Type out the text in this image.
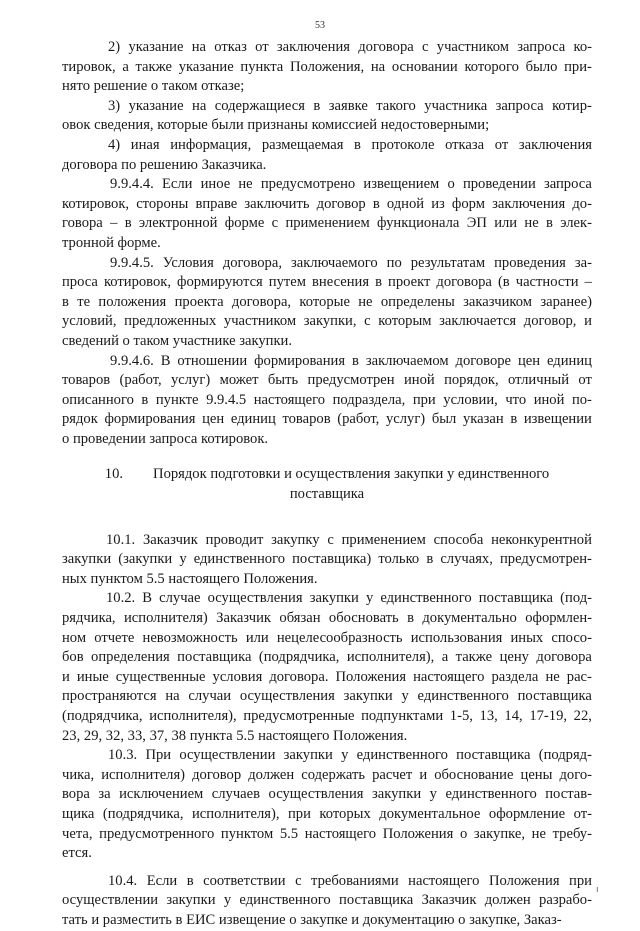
53
2) указание на отказ от заключения договора с участником запроса ко-
тировок, а также указание пункта Положения, на основании которого было при-
нято решение о таком отказе;
3) указание на содержащиеся в заявке такого участника запроса котир-
овок сведения, которые были признаны комиссией недостоверными;
4) иная информация, размещаемая в протоколе отказа от заключения
договора по решению Заказчика.
9.9.4.4. Если иное не предусмотрено извещением о проведении запроса
котировок, стороны вправе заключить договор в одной из форм заключения до-
говора – в электронной форме с применением функционала ЭП или не в элек-
тронной форме.
9.9.4.5. Условия договора, заключаемого по результатам проведения за-
проса котировок, формируются путем внесения в проект договора (в частности –
в те положения проекта договора, которые не определены заказчиком заранее)
условий, предложенных участником закупки, с которым заключается договор, и
сведений о таком участнике закупки.
9.9.4.6. В отношении формирования в заключаемом договоре цен единиц
товаров (работ, услуг) может быть предусмотрен иной порядок, отличный от
описанного в пункте 9.9.4.5 настоящего подраздела, при условии, что иной по-
рядок формирования цен единиц товаров (работ, услуг) был указан в извещении
о проведении запроса котировок.
10. Порядок подготовки и осуществления закупки у единственного
поставщика
10.1. Заказчик проводит закупку с применением способа неконкурентной
закупки (закупки у единственного поставщика) только в случаях, предусмотрен-
ных пунктом 5.5 настоящего Положения.
10.2. В случае осуществления закупки у единственного поставщика (под-
рядчика, исполнителя) Заказчик обязан обосновать в документально оформлен-
ном отчете невозможность или нецелесообразность использования иных спосо-
бов определения поставщика (подрядчика, исполнителя), а также цену договора
и иные существенные условия договора. Положения настоящего раздела не рас-
пространяются на случаи осуществления закупки у единственного поставщика
(подрядчика, исполнителя), предусмотренные подпунктами 1-5, 13, 14, 17-19, 22,
23, 29, 32, 33, 37, 38 пункта 5.5 настоящего Положения.
10.3. При осуществлении закупки у единственного поставщика (подряд-
чика, исполнителя) договор должен содержать расчет и обоснование цены дого-
вора за исключением случаев осуществления закупки у единственного постав-
щика (подрядчика, исполнителя), при которых документальное оформление от-
чета, предусмотренного пунктом 5.5 настоящего Положения о закупке, не требу-
ется.
10.4. Если в соответствии с требованиями настоящего Положения при
осуществлении закупки у единственного поставщика Заказчик должен разрабо-
тать и разместить в ЕИС извещение о закупке и документацию о закупке, Заказ-
ı
